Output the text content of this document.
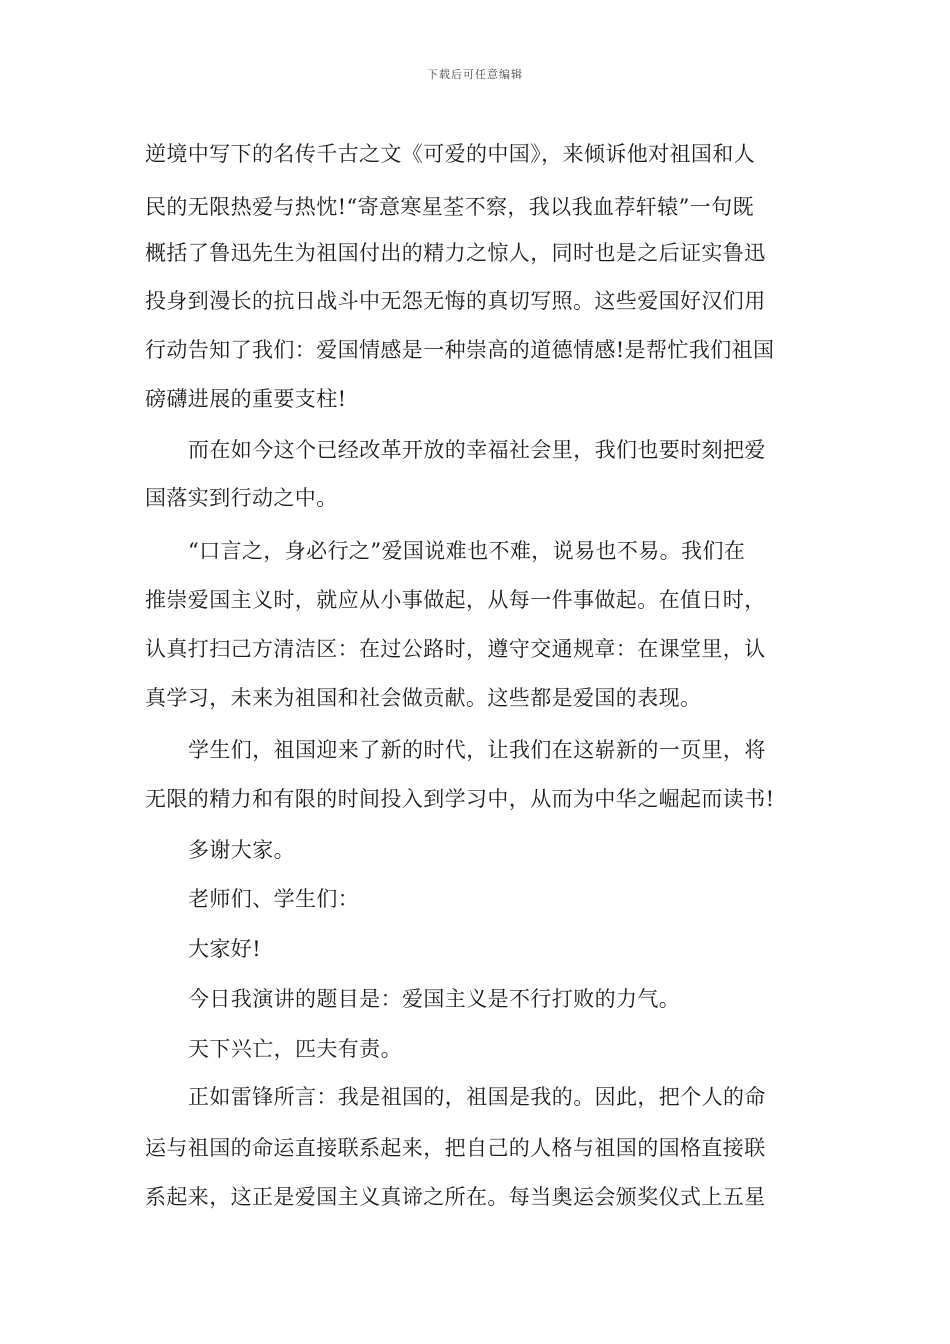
下载后可任意编辑
逆境中写下的名传千古之文《可爱的中国》，来倾诉他对祖国和人
民的无限热爱与热忱!“寄意寒星荃不察，我以我血荐轩辕”一句既
概括了鲁迅先生为祖国付出的精力之惊人，同时也是之后证实鲁迅
投身到漫长的抗日战斗中无怨无悔的真切写照。这些爱国好汉们用
行动告知了我们：爱国情感是一种崇高的道德情感!是帮忙我们祖国
磅礴进展的重要支柱!
而在如今这个已经改革开放的幸福社会里，我们也要时刻把爱
国落实到行动之中。
“口言之，身必行之”爱国说难也不难，说易也不易。我们在
推崇爱国主义时，就应从小事做起，从每一件事做起。在值日时，
认真打扫己方清洁区：在过公路时，遵守交通规章：在课堂里，认
真学习，未来为祖国和社会做贡献。这些都是爱国的表现。
学生们，祖国迎来了新的时代，让我们在这崭新的一页里，将
无限的精力和有限的时间投入到学习中，从而为中华之崛起而读书!
多谢大家。
老师们、学生们：
大家好!
今日我演讲的题目是：爱国主义是不行打败的力气。
天下兴亡，匹夫有责。
正如雷锋所言：我是祖国的，祖国是我的。因此，把个人的命
运与祖国的命运直接联系起来，把自己的人格与祖国的国格直接联
系起来，这正是爱国主义真谛之所在。每当奥运会颁奖仪式上五星
